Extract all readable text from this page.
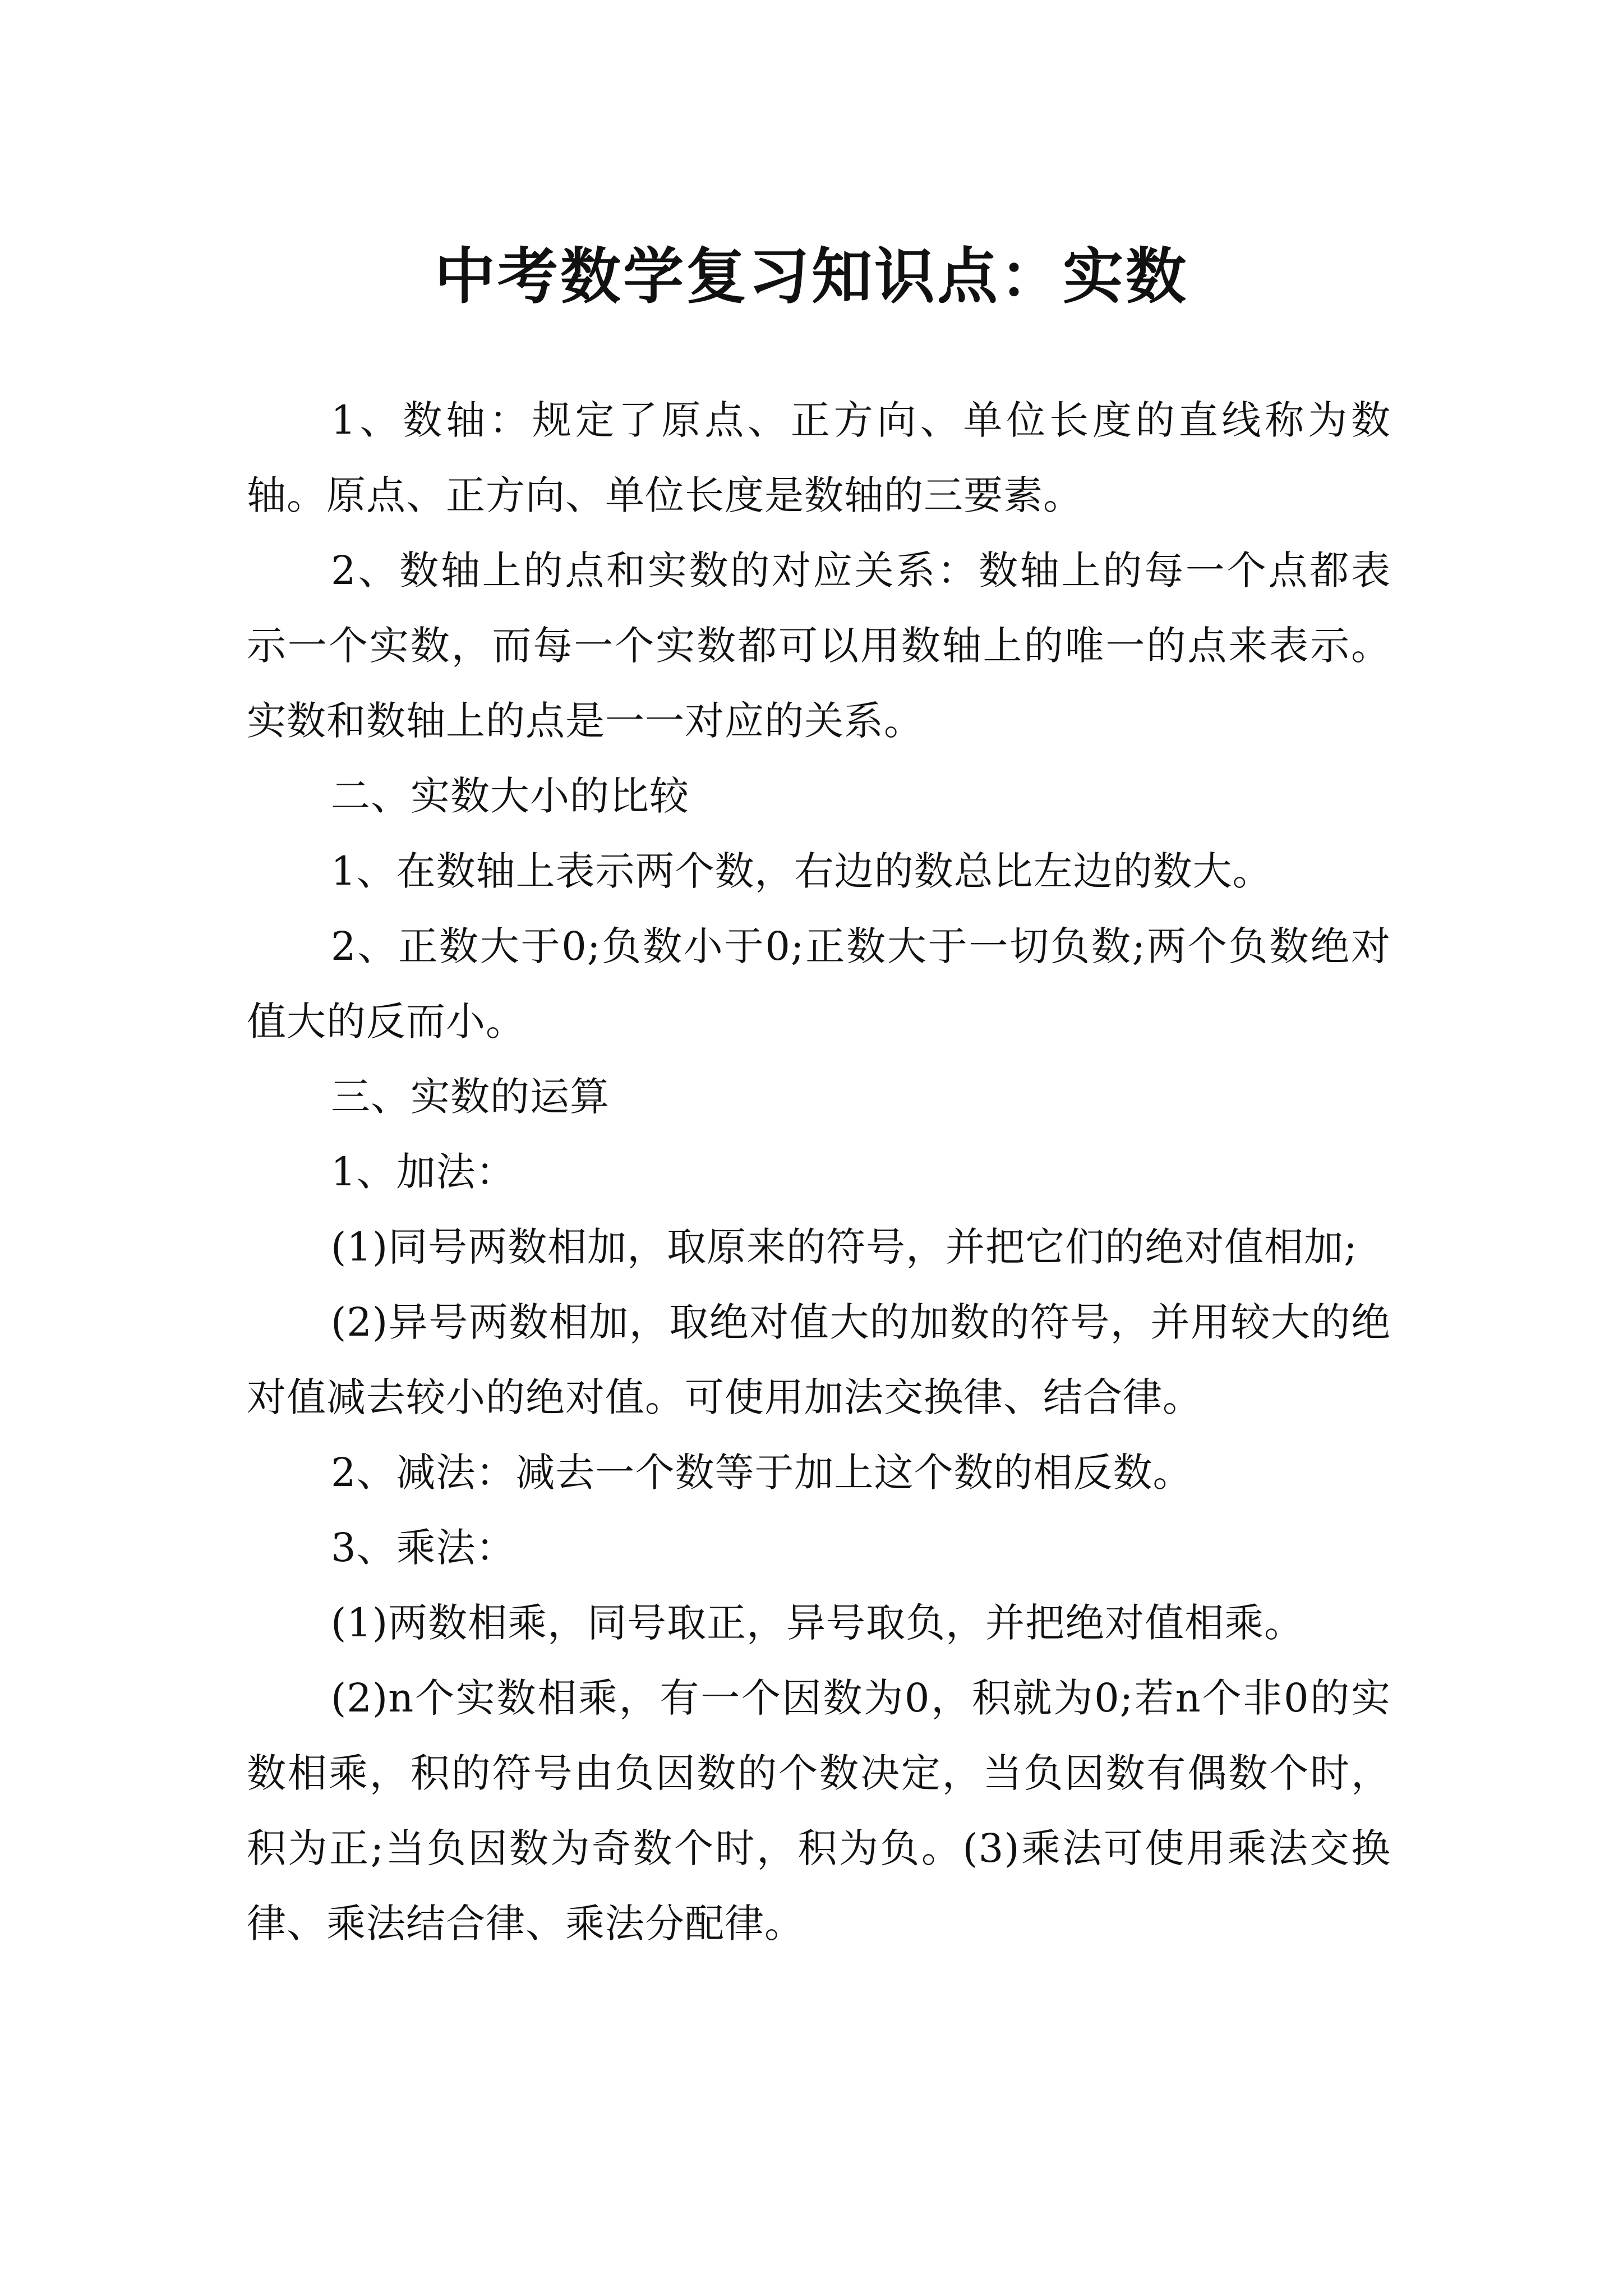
中考数学复习知识点：实数

1、数轴：规定了原点、正方向、单位长度的直线称为数轴。原点、正方向、单位长度是数轴的三要素。

2、数轴上的点和实数的对应关系：数轴上的每一个点都表示一个实数，而每一个实数都可以用数轴上的唯一的点来表示。实数和数轴上的点是一一对应的关系。

二、实数大小的比较

1、在数轴上表示两个数，右边的数总比左边的数大。

2、正数大于0;负数小于0;正数大于一切负数;两个负数绝对值大的反而小。

三、实数的运算

1、加法：

(1)同号两数相加，取原来的符号，并把它们的绝对值相加;

(2)异号两数相加，取绝对值大的加数的符号，并用较大的绝对值减去较小的绝对值。可使用加法交换律、结合律。

2、减法：减去一个数等于加上这个数的相反数。

3、乘法：

(1)两数相乘，同号取正，异号取负，并把绝对值相乘。

(2)n个实数相乘，有一个因数为0，积就为0;若n个非0的实数相乘，积的符号由负因数的个数决定，当负因数有偶数个时，积为正;当负因数为奇数个时，积为负。(3)乘法可使用乘法交换律、乘法结合律、乘法分配律。
